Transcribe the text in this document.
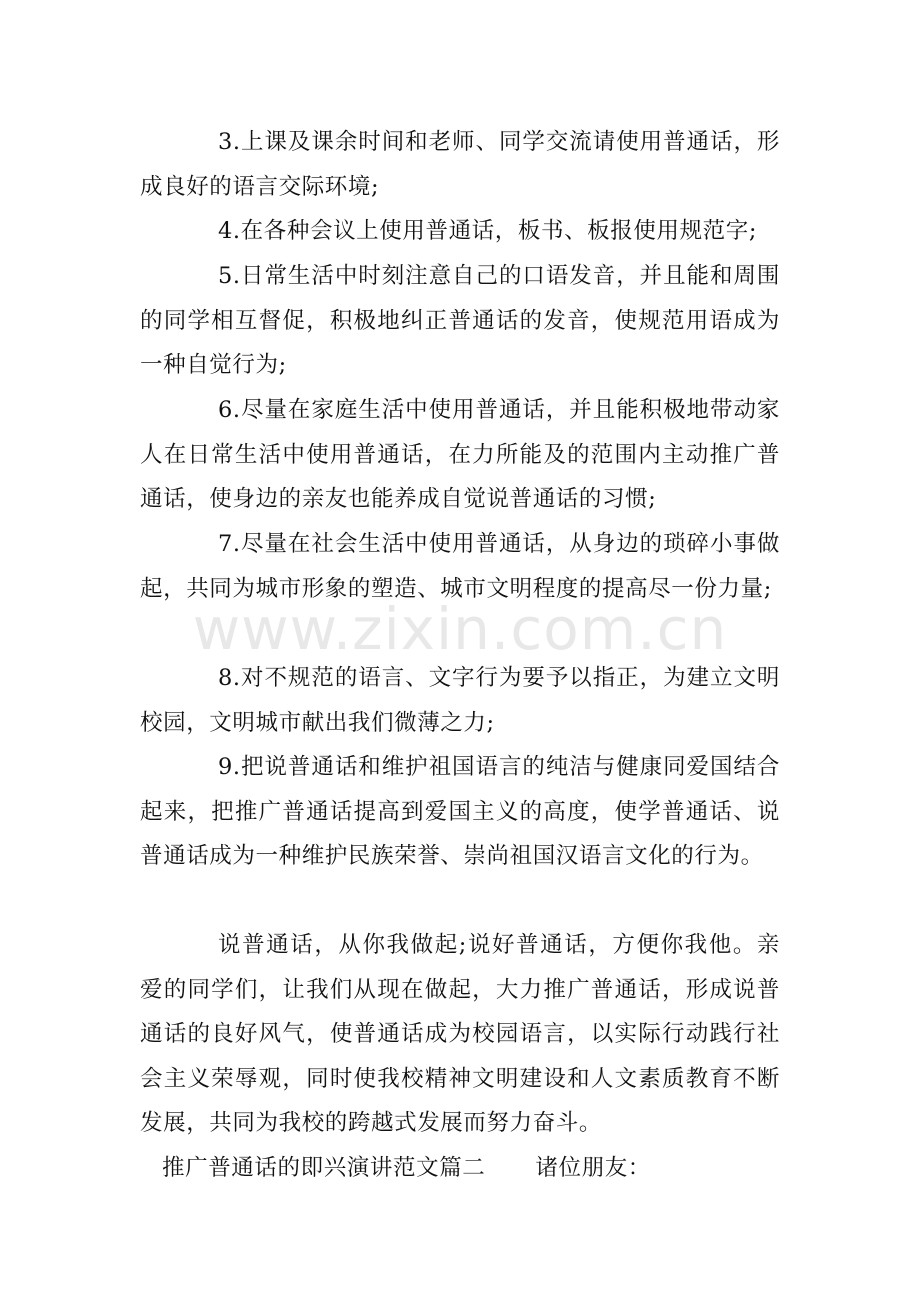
3.上课及课余时间和老师、同学交流请使用普通话，形成良好的语言交际环境;

4.在各种会议上使用普通话，板书、板报使用规范字;

5.日常生活中时刻注意自己的口语发音，并且能和周围的同学相互督促，积极地纠正普通话的发音，使规范用语成为一种自觉行为;

6.尽量在家庭生活中使用普通话，并且能积极地带动家人在日常生活中使用普通话，在力所能及的范围内主动推广普通话，使身边的亲友也能养成自觉说普通话的习惯;

7.尽量在社会生活中使用普通话，从身边的琐碎小事做起，共同为城市形象的塑造、城市文明程度的提高尽一份力量;

8.对不规范的语言、文字行为要予以指正，为建立文明校园，文明城市献出我们微薄之力;

9.把说普通话和维护祖国语言的纯洁与健康同爱国结合起来，把推广普通话提高到爱国主义的高度，使学普通话、说普通话成为一种维护民族荣誉、崇尚祖国汉语言文化的行为。

说普通话，从你我做起;说好普通话，方便你我他。亲爱的同学们，让我们从现在做起，大力推广普通话，形成说普通话的良好风气，使普通话成为校园语言，以实际行动践行社会主义荣辱观，同时使我校精神文明建设和人文素质教育不断发展，共同为我校的跨越式发展而努力奋斗。

推广普通话的即兴演讲范文篇二 诸位朋友：
www.zixin.com.cn
